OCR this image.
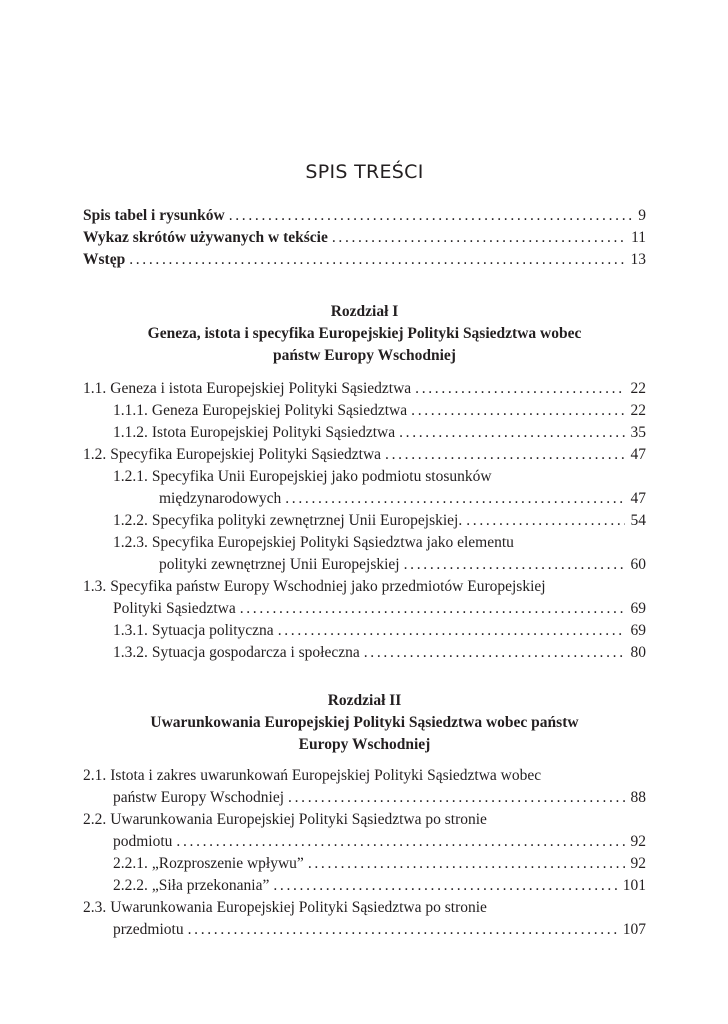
SPIS TREŚCI
Spis tabel i rysunków . . .	9
Wykaz skrótów używanych w tekście . . .	11
Wstęp . . .	13
Rozdział I
Geneza, istota i specyfika Europejskiej Polityki Sąsiedztwa wobec
państw Europy Wschodniej
1.1. Geneza i istota Europejskiej Polityki Sąsiedztwa . . .	22
1.1.1. Geneza Europejskiej Polityki Sąsiedztwa . . .	22
1.1.2. Istota Europejskiej Polityki Sąsiedztwa . . .	35
1.2. Specyfika Europejskiej Polityki Sąsiedztwa . . .	47
1.2.1. Specyfika Unii Europejskiej jako podmiotu stosunków
międzynarodowych . . .	47
1.2.2. Specyfika polityki zewnętrznej Unii Europejskiej. . . .	54
1.2.3. Specyfika Europejskiej Polityki Sąsiedztwa jako elementu
polityki zewnętrznej Unii Europejskiej . . .	60
1.3. Specyfika państw Europy Wschodniej jako przedmiotów Europejskiej
Polityki Sąsiedztwa . . .	69
1.3.1. Sytuacja polityczna . . .	69
1.3.2. Sytuacja gospodarcza i społeczna . . .	80
Rozdział II
Uwarunkowania Europejskiej Polityki Sąsiedztwa wobec państw
Europy Wschodniej
2.1. Istota i zakres uwarunkowań Europejskiej Polityki Sąsiedztwa wobec
państw Europy Wschodniej . . .	88
2.2. Uwarunkowania Europejskiej Polityki Sąsiedztwa po stronie
podmiotu . . .	92
2.2.1. „Rozproszenie wpływu” . . .	92
2.2.2. „Siła przekonania” . . .	101
2.3. Uwarunkowania Europejskiej Polityki Sąsiedztwa po stronie
przedmiotu . . .	107
